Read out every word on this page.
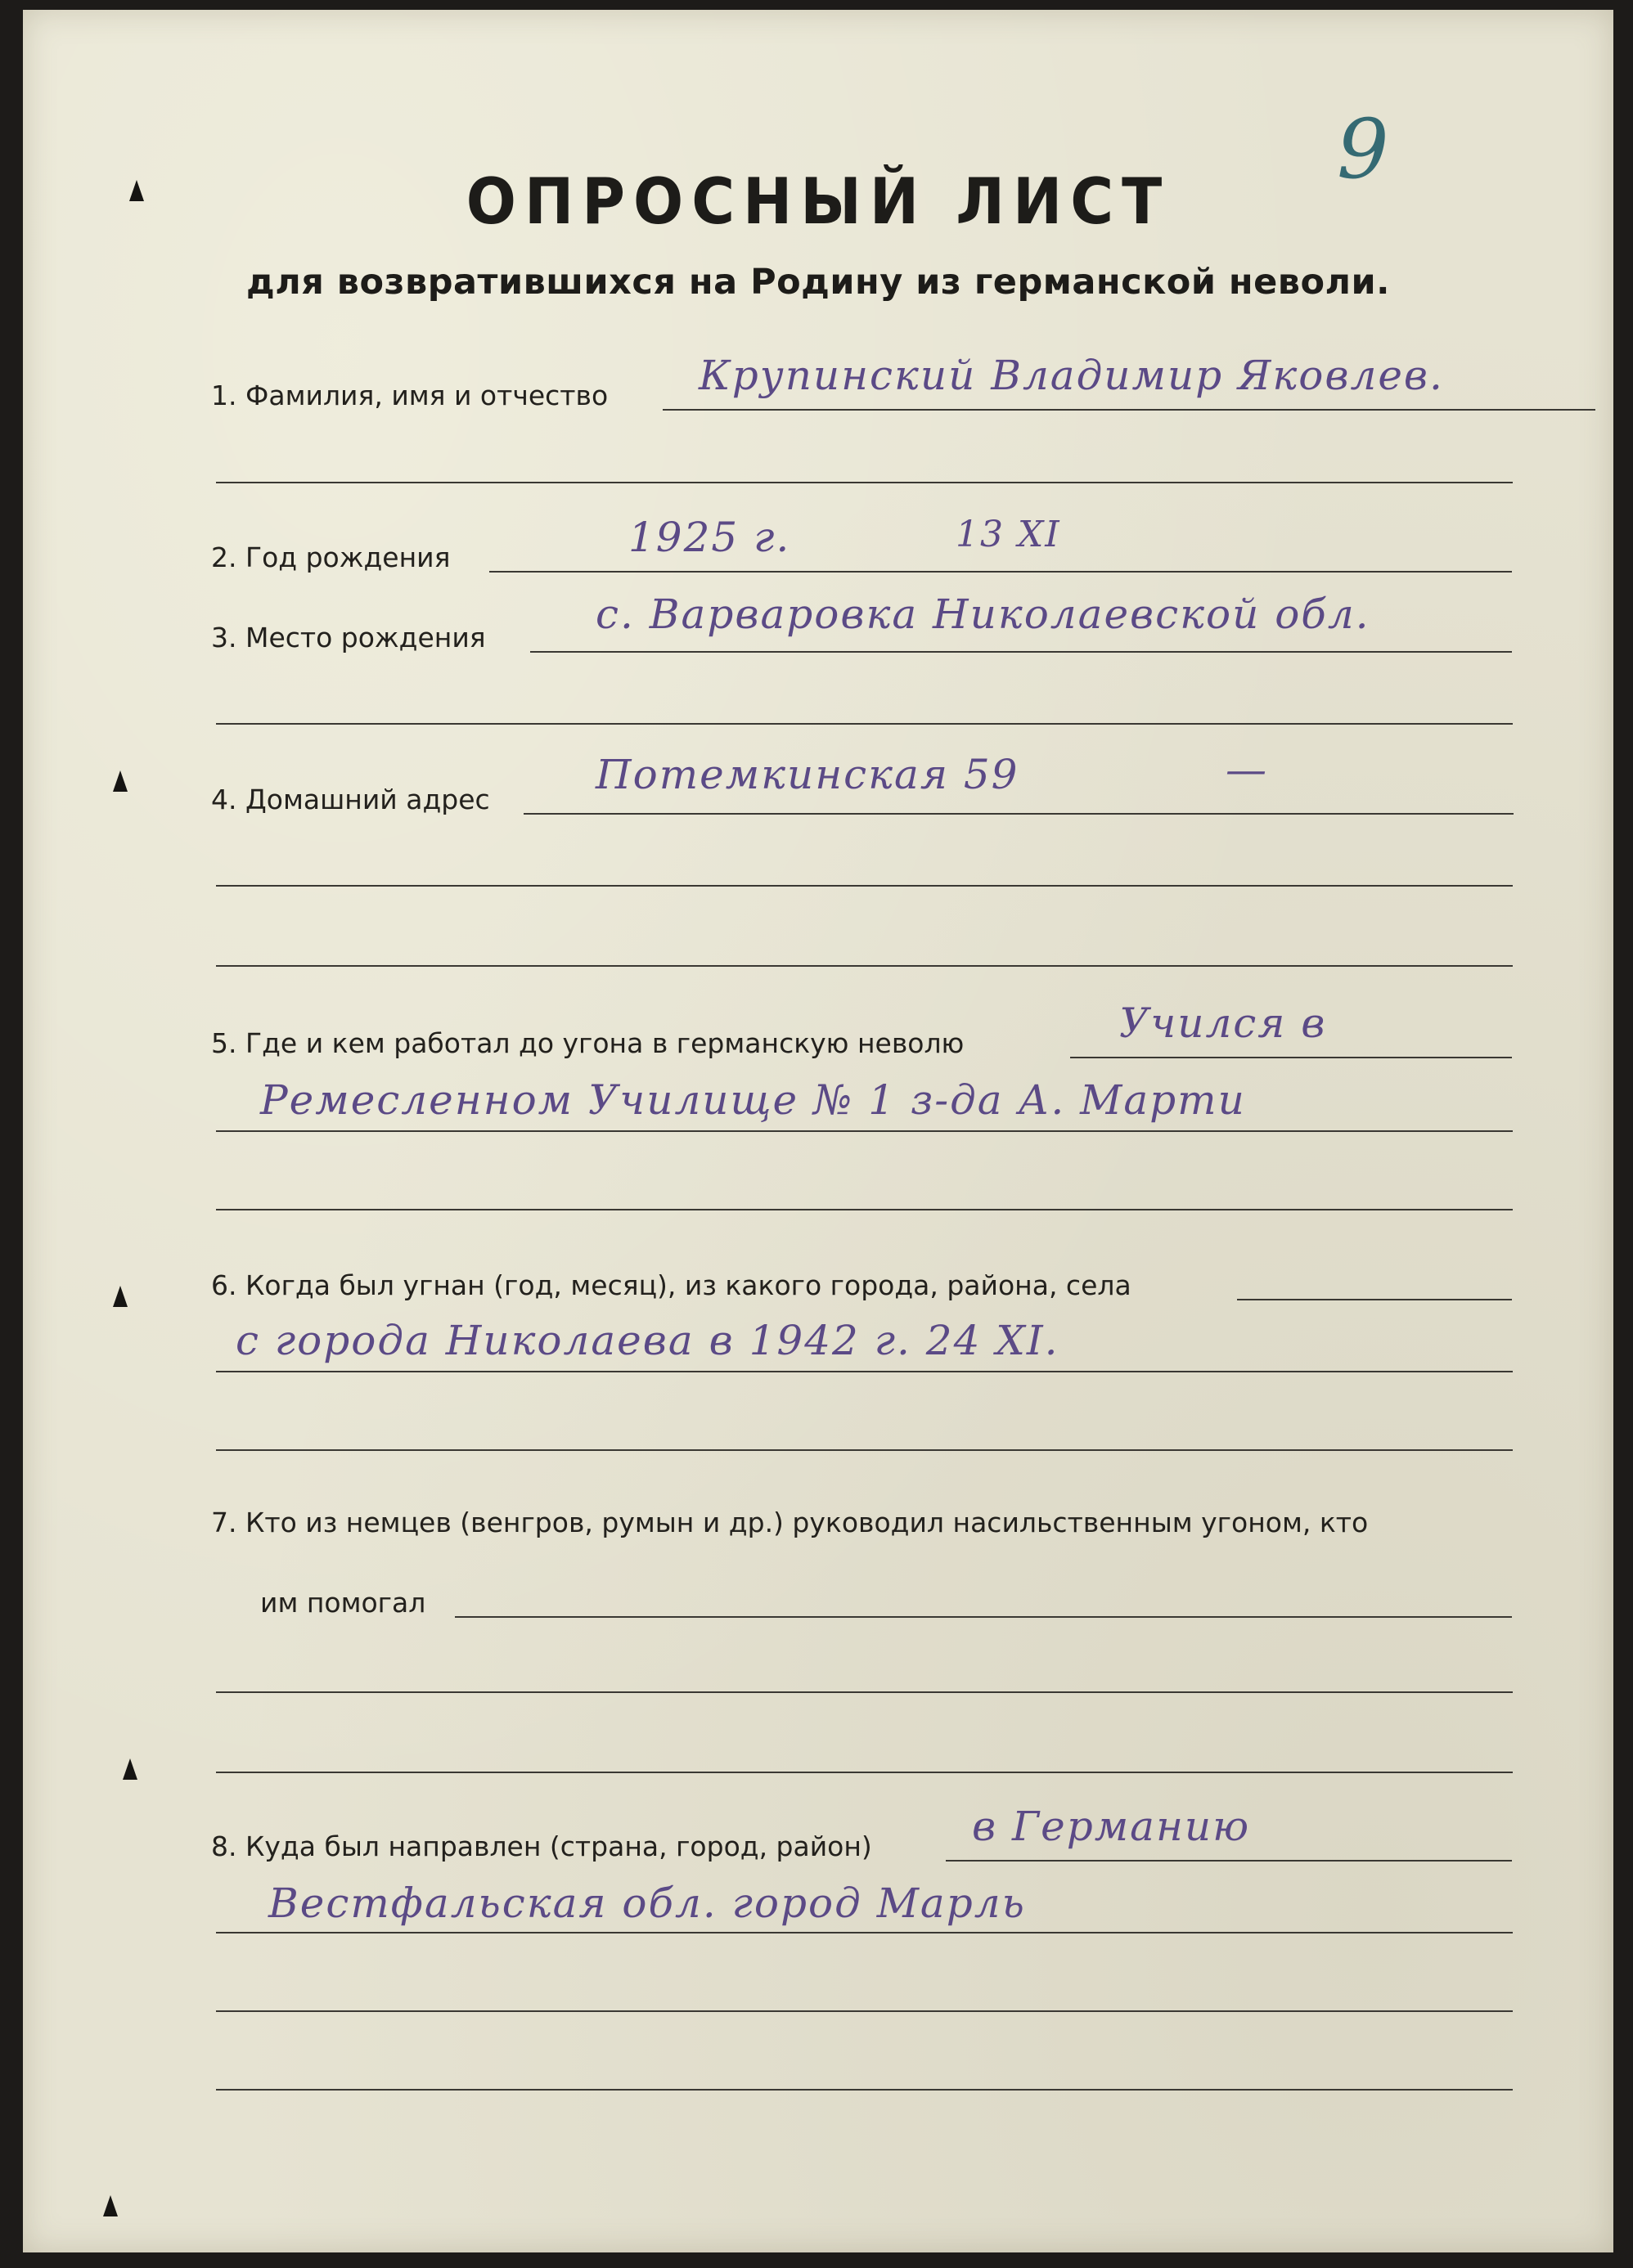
9
ОПРОСНЫЙ ЛИСТ
для возвратившихся на Родину из германской неволи.
1. Фамилия, имя и отчество Крупинский Владимир Яковлев.
2. Год рождения	1925 г.	13 XI
3. Место рождения	с. Варваровка Николаевской обл.
4. Домашний адрес
Потемкинская 59	—
5. Где и кем работал до угона в германскую неволю	Учился в
Ремесленном Училище № 1 з-да А. Марти
6. Когда был угнан (год, месяц), из какого города, района, села
с города Николаева в 1942 г. 24 XI.
7. Кто из немцев (венгров, румын и др.) руководил насильственным угоном, кто
им помогал
8. Куда был направлен (страна, город, район) в Германию
Вестфальская обл. город Марль
